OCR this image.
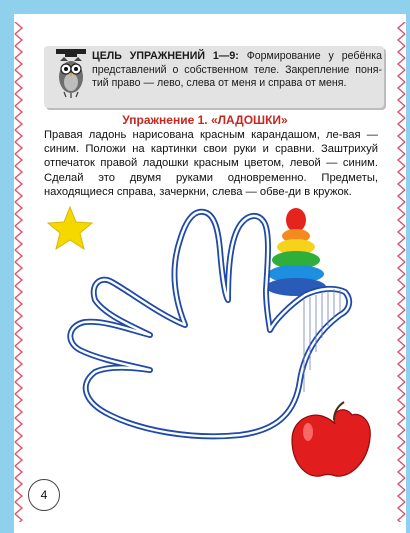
ЦЕЛЬ УПРАЖНЕНИЙ 1—9: Формирование у ребёнка представлений о собственном теле. Закрепление поня-тий право — лево, слева от меня и справа от меня.
Упражнение 1. «ЛАДОШКИ»
Правая ладонь нарисована красным карандашом, ле-вая — синим. Положи на картинки свои руки и сравни. Заштрихуй отпечаток правой ладошки красным цветом, левой — синим. Сделай это двумя руками одновременно. Предметы, находящиеся справа, зачеркни, слева — обве-ди в кружок.
4
